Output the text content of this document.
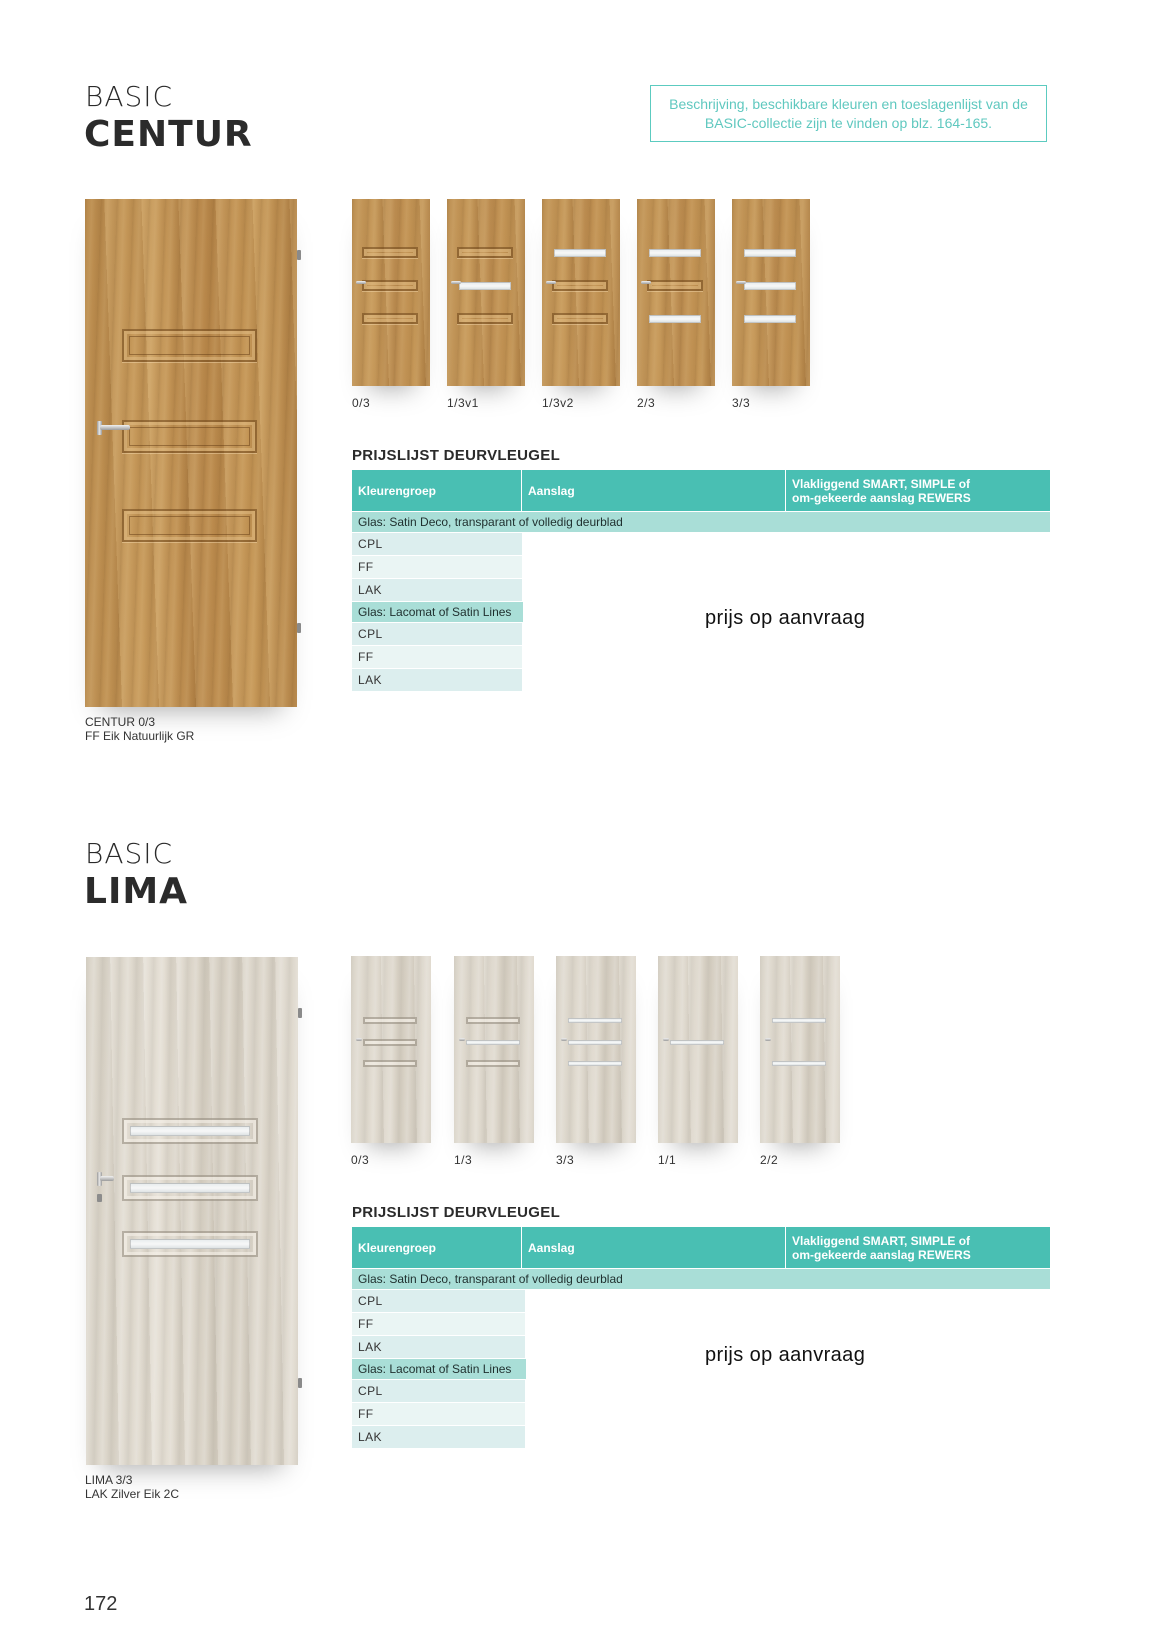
BASIC
CENTUR
Beschrijving, beschikbare kleuren en toeslagenlijst van de BASIC-collectie zijn te vinden op blz. 164-165.
0/3	1/3v1	1/3v2	2/3	3/3
CENTUR 0/3
FF Eik Natuurlijk GR
PRIJSLIJST DEURVLEUGEL
Kleurengroep	Aanslag	Vlakliggend SMART, SIMPLE of om-gekeerde aanslag REWERS
Glas: Satin Deco, transparant of volledig deurblad
CPL
FF
LAK
Glas: Lacomat of Satin Lines
CPL
FF
LAK
prijs op aanvraag
BASIC
LIMA
0/3	1/3	3/3	1/1	2/2
LIMA 3/3
LAK Zilver Eik 2C
PRIJSLIJST DEURVLEUGEL
Kleurengroep	Aanslag	Vlakliggend SMART, SIMPLE of om-gekeerde aanslag REWERS
Glas: Satin Deco, transparant of volledig deurblad
CPL
FF
LAK
Glas: Lacomat of Satin Lines
CPL
FF
LAK
prijs op aanvraag
172
